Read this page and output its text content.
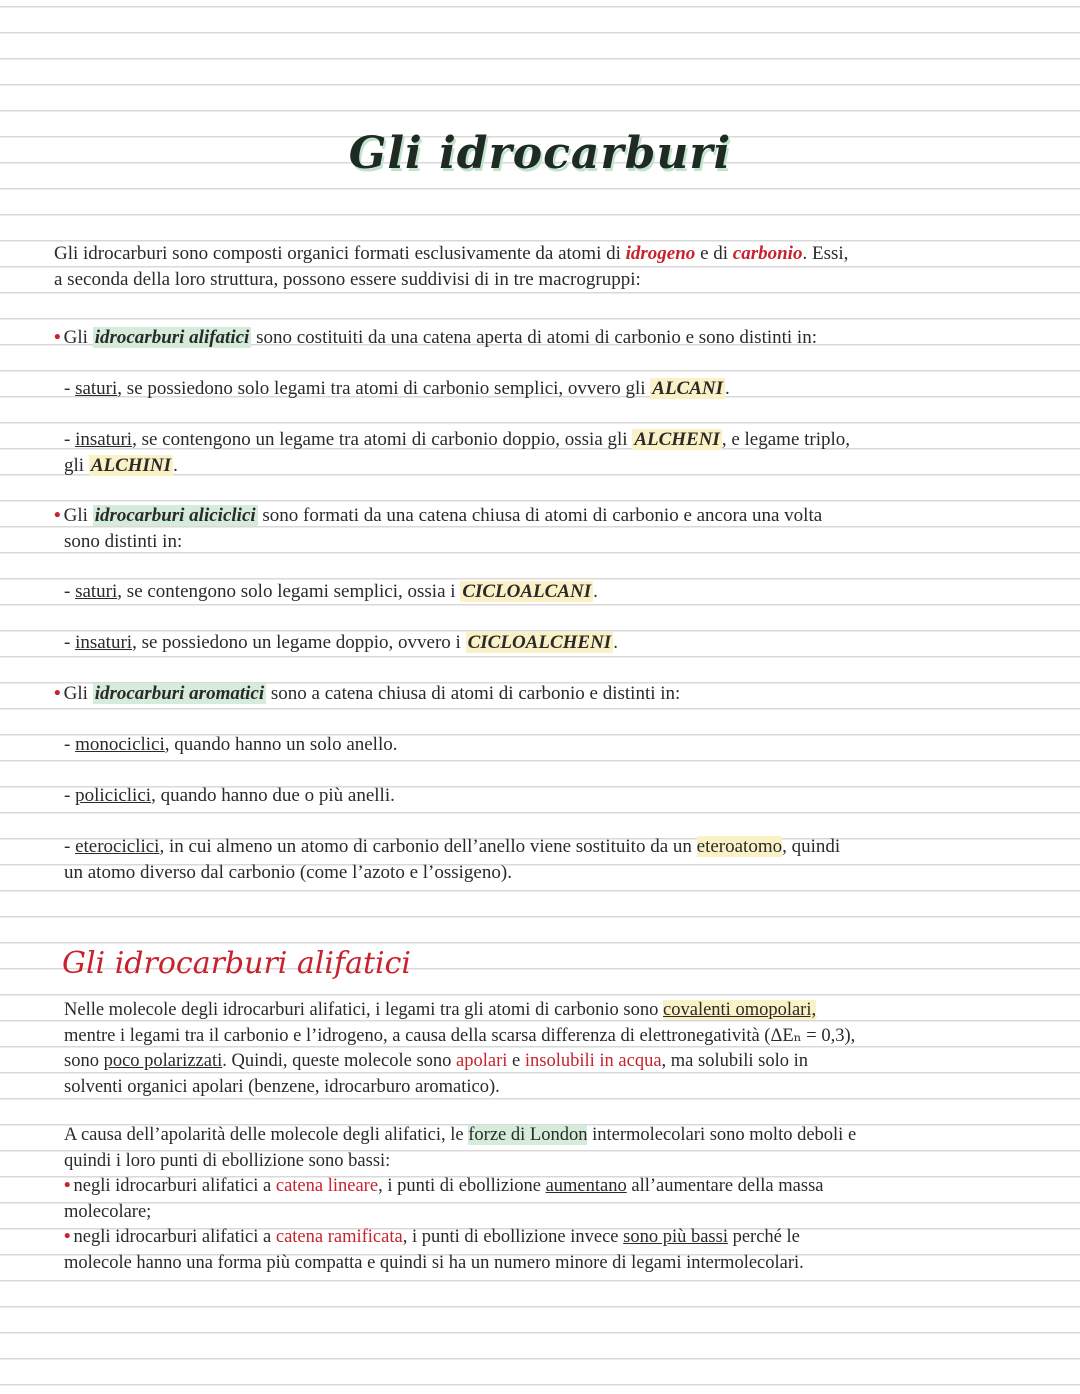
Gli idrocarburi
Gli idrocarburi sono composti organici formati esclusivamente da atomi di idrogeno e di carbonio. Essi,
a seconda della loro struttura, possono essere suddivisi di in tre macrogruppi:
• Gli idrocarburi alifatici sono costituiti da una catena aperta di atomi di carbonio e sono distinti in:
- saturi, se possiedono solo legami tra atomi di carbonio semplici, ovvero gli ALCANI .
- insaturi, se contengono un legame tra atomi di carbonio doppio, ossia gli ALCHENI , e legame triplo,
gli ALCHINI .
• Gli idrocarburi aliciclici sono formati da una catena chiusa di atomi di carbonio e ancora una volta
sono distinti in:
- saturi, se contengono solo legami semplici, ossia i CICLOALCANI .
- insaturi, se possiedono un legame doppio, ovvero i CICLOALCHENI .
• Gli idrocarburi aromatici sono a catena chiusa di atomi di carbonio e distinti in:
- monociclici, quando hanno un solo anello.
- policiclici, quando hanno due o più anelli.
- eterociclici, in cui almeno un atomo di carbonio dell’anello viene sostituito da un eteroatomo, quindi
un atomo diverso dal carbonio (come l’azoto e l’ossigeno).
Gli idrocarburi alifatici
Nelle molecole degli idrocarburi alifatici, i legami tra gli atomi di carbonio sono covalenti omopolari,
mentre i legami tra il carbonio e l’idrogeno, a causa della scarsa differenza di elettronegatività (ΔEₙ = 0,3),
sono poco polarizzati. Quindi, queste molecole sono apolari e insolubili in acqua, ma solubili solo in
solventi organici apolari (benzene, idrocarburo aromatico).
A causa dell’apolarità delle molecole degli alifatici, le forze di London intermolecolari sono molto deboli e
quindi i loro punti di ebollizione sono bassi:
• negli idrocarburi alifatici a catena lineare, i punti di ebollizione aumentano all’aumentare della massa
molecolare;
• negli idrocarburi alifatici a catena ramificata, i punti di ebollizione invece sono più bassi perché le
molecole hanno una forma più compatta e quindi si ha un numero minore di legami intermolecolari.
